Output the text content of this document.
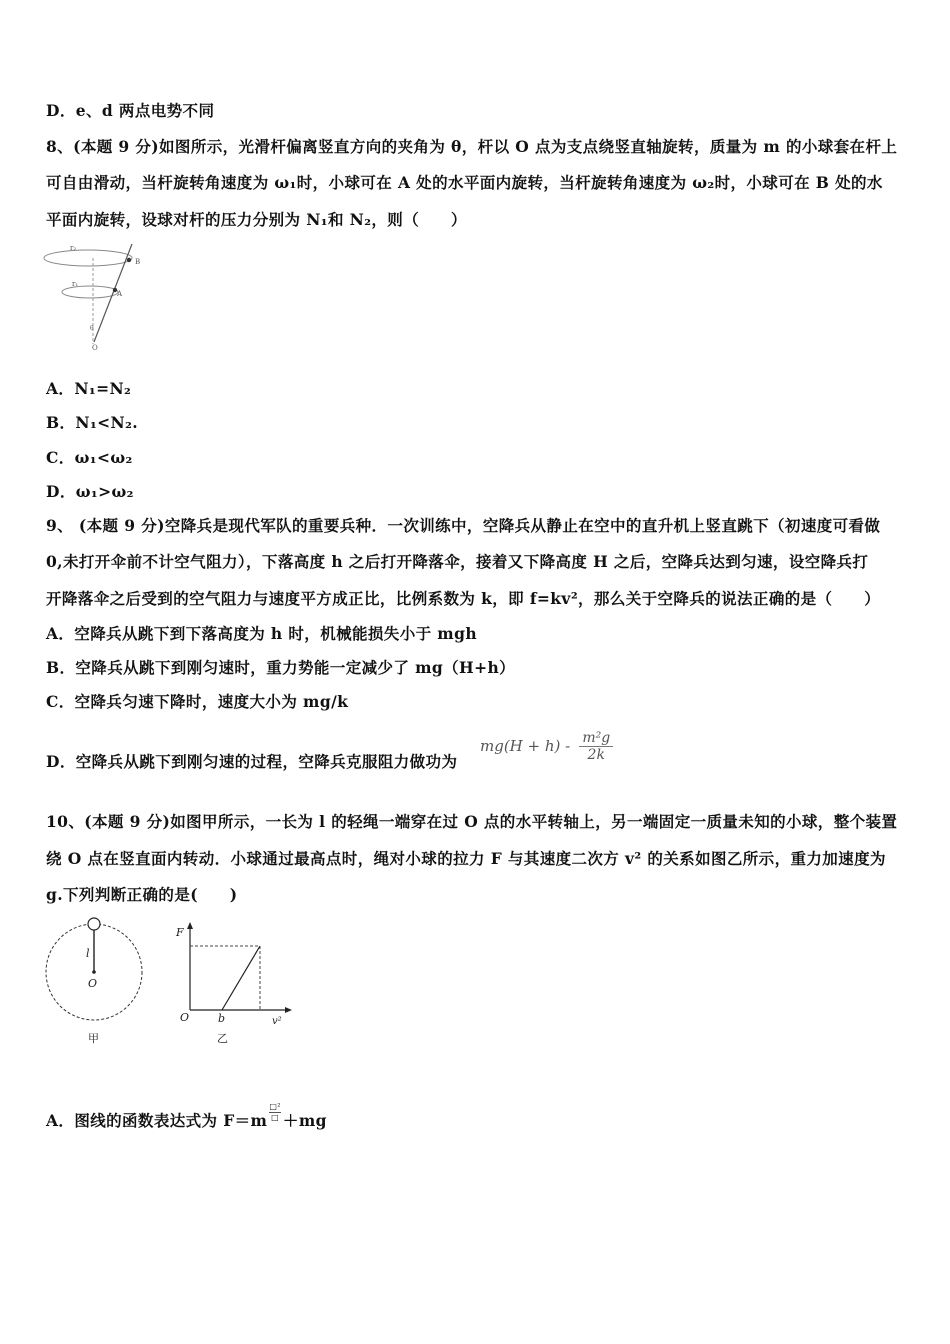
D．e、d 两点电势不同
8、(本题 9 分)如图所示，光滑杆偏离竖直方向的夹角为 θ，杆以 O 点为支点绕竖直轴旋转，质量为 m 的小球套在杆上
可自由滑动，当杆旋转角速度为 ω₁时，小球可在 A 处的水平面内旋转，当杆旋转角速度为 ω₂时，小球可在 B 处的水
平面内旋转，设球对杆的压力分别为 N₁和 N₂，则（　　）
r₂
r₁
B
A
θ
O
A．N₁=N₂
B．N₁<N₂.
C．ω₁<ω₂
D．ω₁>ω₂
9、 (本题 9 分)空降兵是现代军队的重要兵种．一次训练中，空降兵从静止在空中的直升机上竖直跳下（初速度可看做
0,未打开伞前不计空气阻力），下落高度 h 之后打开降落伞，接着又下降高度 H 之后，空降兵达到匀速，设空降兵打
开降落伞之后受到的空气阻力与速度平方成正比，比例系数为 k，即 f=kv²，那么关于空降兵的说法正确的是（　　）
A．空降兵从跳下到下落高度为 h 时，机械能损失小于 mgh
B．空降兵从跳下到刚匀速时，重力势能一定减少了 mg（H+h）
C．空降兵匀速下降时，速度大小为 mg/k
D．空降兵从跳下到刚匀速的过程，空降兵克服阻力做功为
$mg(H + h) - \frac{\text{m²g}}{2k}$
10、(本题 9 分)如图甲所示，一长为 l 的轻绳一端穿在过 O 点的水平转轴上，另一端固定一质量未知的小球，整个装置
绕 O 点在竖直面内转动．小球通过最高点时，绳对小球的拉力 F 与其速度二次方 v² 的关系如图乙所示，重力加速度为
g.下列判断正确的是(　　)
l
O
甲
F
O	b	v²
乙
A．图线的函数表达式为 F＝m
□²
□ ＋mg
